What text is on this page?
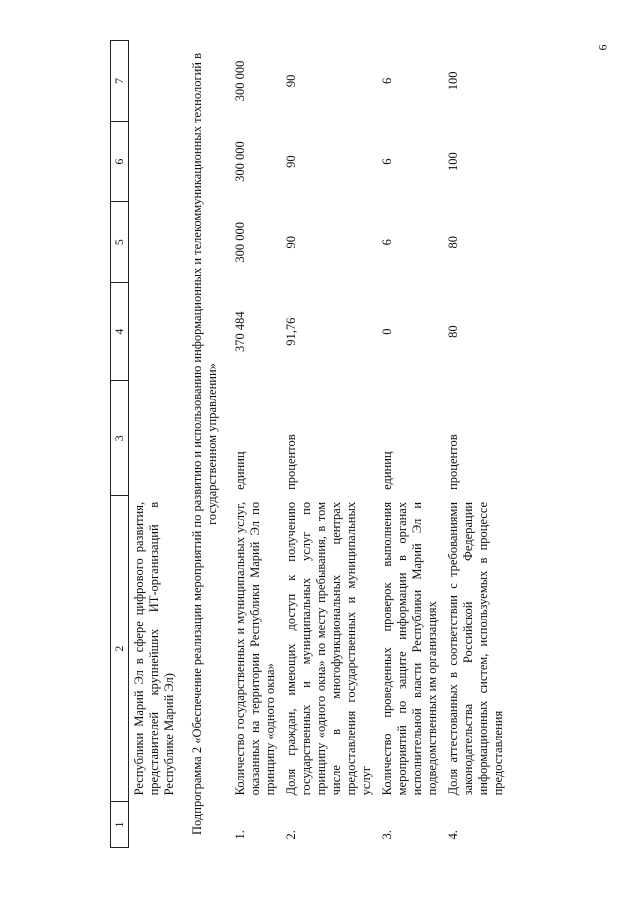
6
1	2	3	4	5	6	7
	Республики Марий Эл в сфере цифрового развития, представителей крупнейших ИТ-организаций в Республике Марий Эл)					
Подпрограмма 2 «Обеспечение реализации мероприятий по развитию и использованию информационных и телекоммуникационных технологий в государственном управлении»						
1.	Количество государственных и муниципальных услуг, оказанных на территории Республики Марий Эл по принципу «одного окна»	единиц	370 484	300 000	300 000	300 000
2.	Доля граждан, имеющих доступ к получению государственных и муниципальных услуг по принципу «одного окна» по месту пребывания, в том числе в многофункциональных центрах предоставления государственных и муниципальных услуг	процентов	91,76	90	90	90
3.	Количество проведенных проверок выполнения мероприятий по защите информации в органах исполнительной власти Республики Марий Эл и подведомственных им организациях	единиц	0	6	6	6
4.	Доля аттестованных в соответствии с требованиями законодательства Российской Федерации информационных систем, используемых в процессе предоставления	процентов	80	80	100	100
